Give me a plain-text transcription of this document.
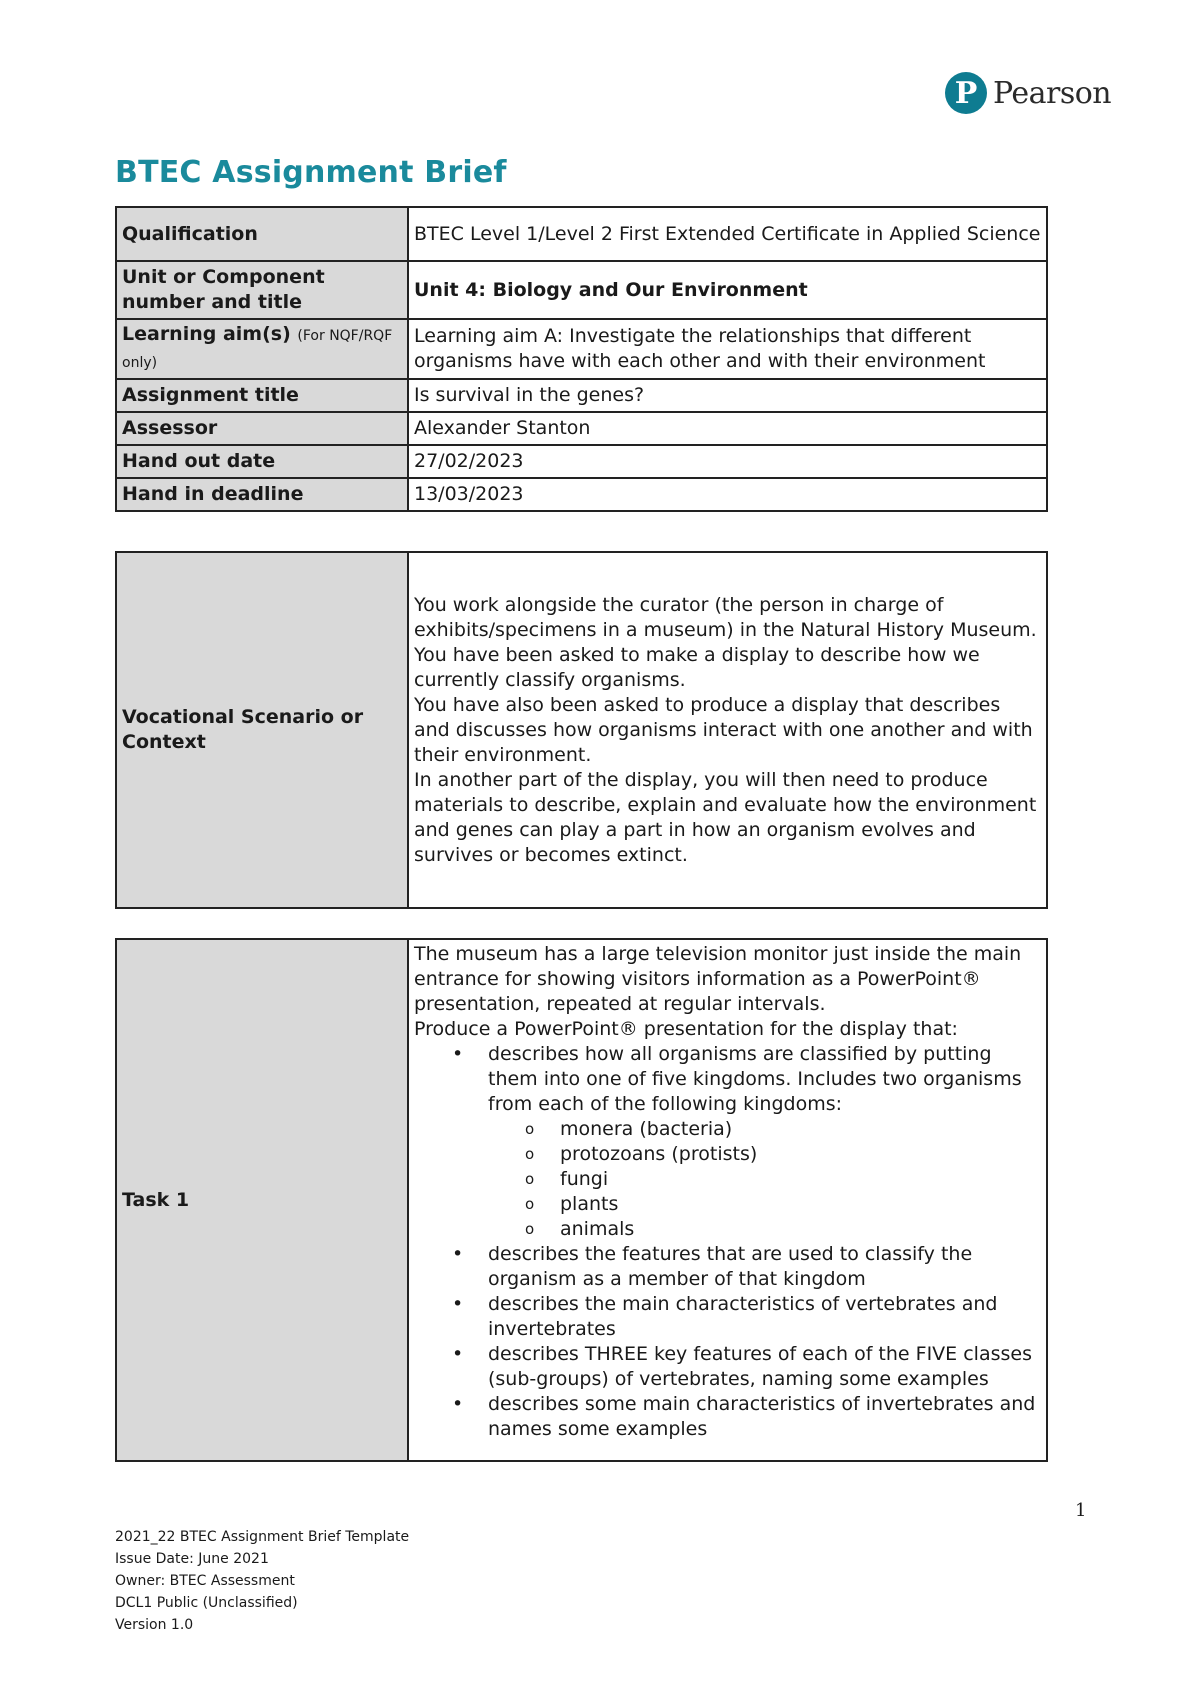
P Pearson
BTEC Assignment Brief
Qualification	BTEC Level 1/Level 2 First Extended Certificate in Applied Science
Unit or Component number and title	Unit 4: Biology and Our Environment
Learning aim(s) (For NQF/RQF only)	Learning aim A: Investigate the relationships that different organisms have with each other and with their environment
Assignment title	Is survival in the genes?
Assessor	Alexander Stanton
Hand out date	27/02/2023
Hand in deadline	13/03/2023
Vocational Scenario or Context	
You work alongside the curator (the person in charge of exhibits/specimens in a museum) in the Natural History Museum.
You have been asked to make a display to describe how we currently classify organisms.
You have also been asked to produce a display that describes and discusses how organisms interact with one another and with their environment.
In another part of the display, you will then need to produce materials to describe, explain and evaluate how the environment and genes can play a part in how an organism evolves and survives or becomes extinct.
Task 1	
The museum has a large television monitor just inside the main entrance for showing visitors information as a PowerPoint® presentation, repeated at regular intervals.
Produce a PowerPoint® presentation for the display that:
• describes how all organisms are classified by putting them into one of five kingdoms. Includes two organisms from each of the following kingdoms:
o monera (bacteria)
o protozoans (protists)
o fungi
o plants
o animals
• describes the features that are used to classify the organism as a member of that kingdom
• describes the main characteristics of vertebrates and invertebrates
• describes THREE key features of each of the FIVE classes (sub-groups) of vertebrates, naming some examples
• describes some main characteristics of invertebrates and names some examples
1
2021_22 BTEC Assignment Brief Template
Issue Date: June 2021
Owner: BTEC Assessment
DCL1 Public (Unclassified)
Version 1.0
